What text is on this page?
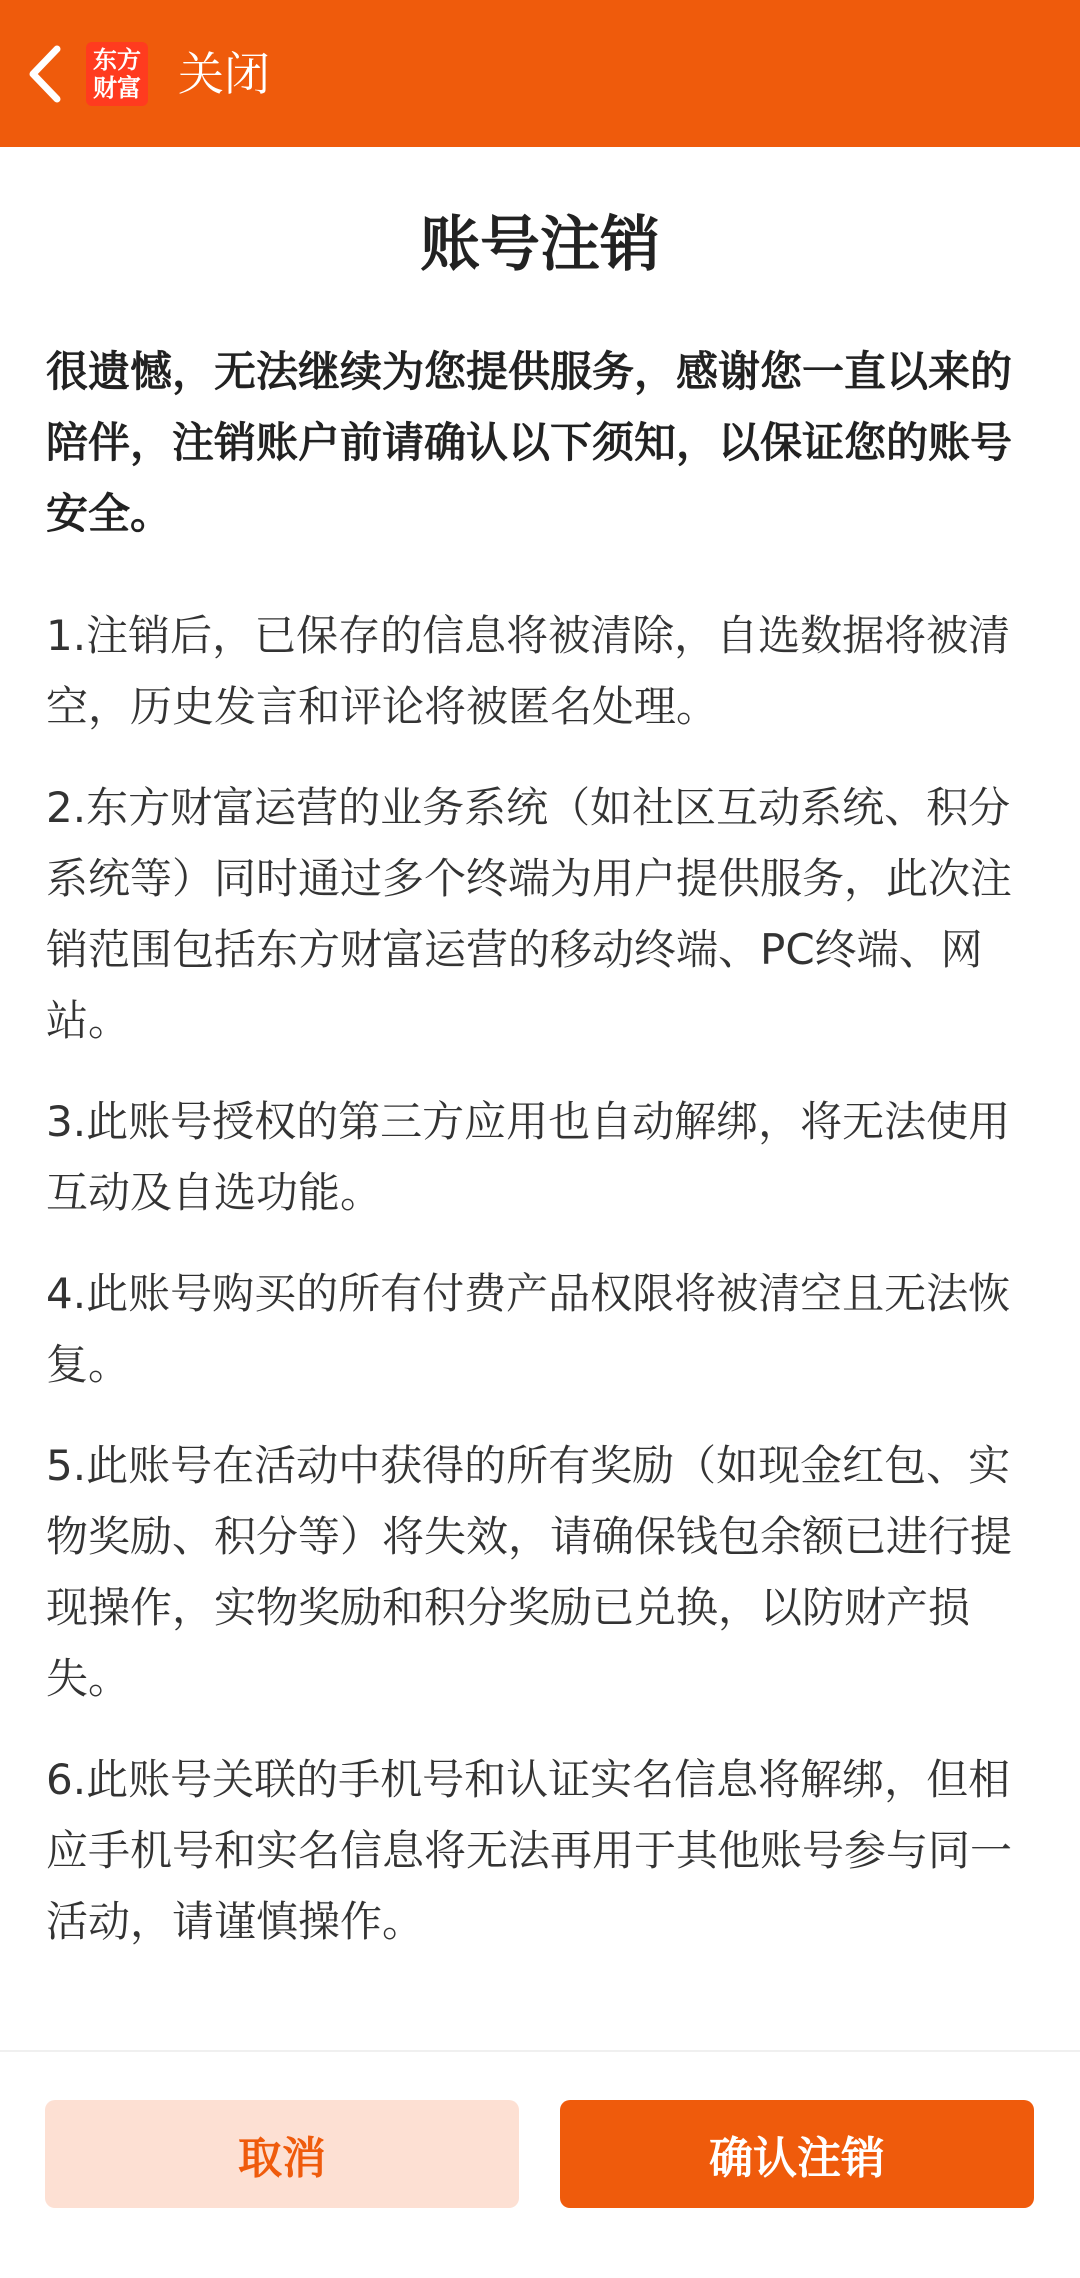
东方
财富 关闭
账号注销
很遗憾，无法继续为您提供服务，感谢您一直以来的陪伴，注销账户前请确认以下须知，以保证您的账号安全。
1.注销后，已保存的信息将被清除，自选数据将被清空，历史发言和评论将被匿名处理。
2.东方财富运营的业务系统（如社区互动系统、积分系统等）同时通过多个终端为用户提供服务，此次注销范围包括东方财富运营的移动终端、PC终端、网站。
3.此账号授权的第三方应用也自动解绑，将无法使用互动及自选功能。
4.此账号购买的所有付费产品权限将被清空且无法恢复。
5.此账号在活动中获得的所有奖励（如现金红包、实物奖励、积分等）将失效，请确保钱包余额已进行提现操作，实物奖励和积分奖励已兑换，以防财产损失。
6.此账号关联的手机号和认证实名信息将解绑，但相应手机号和实名信息将无法再用于其他账号参与同一活动，请谨慎操作。
取消	确认注销
